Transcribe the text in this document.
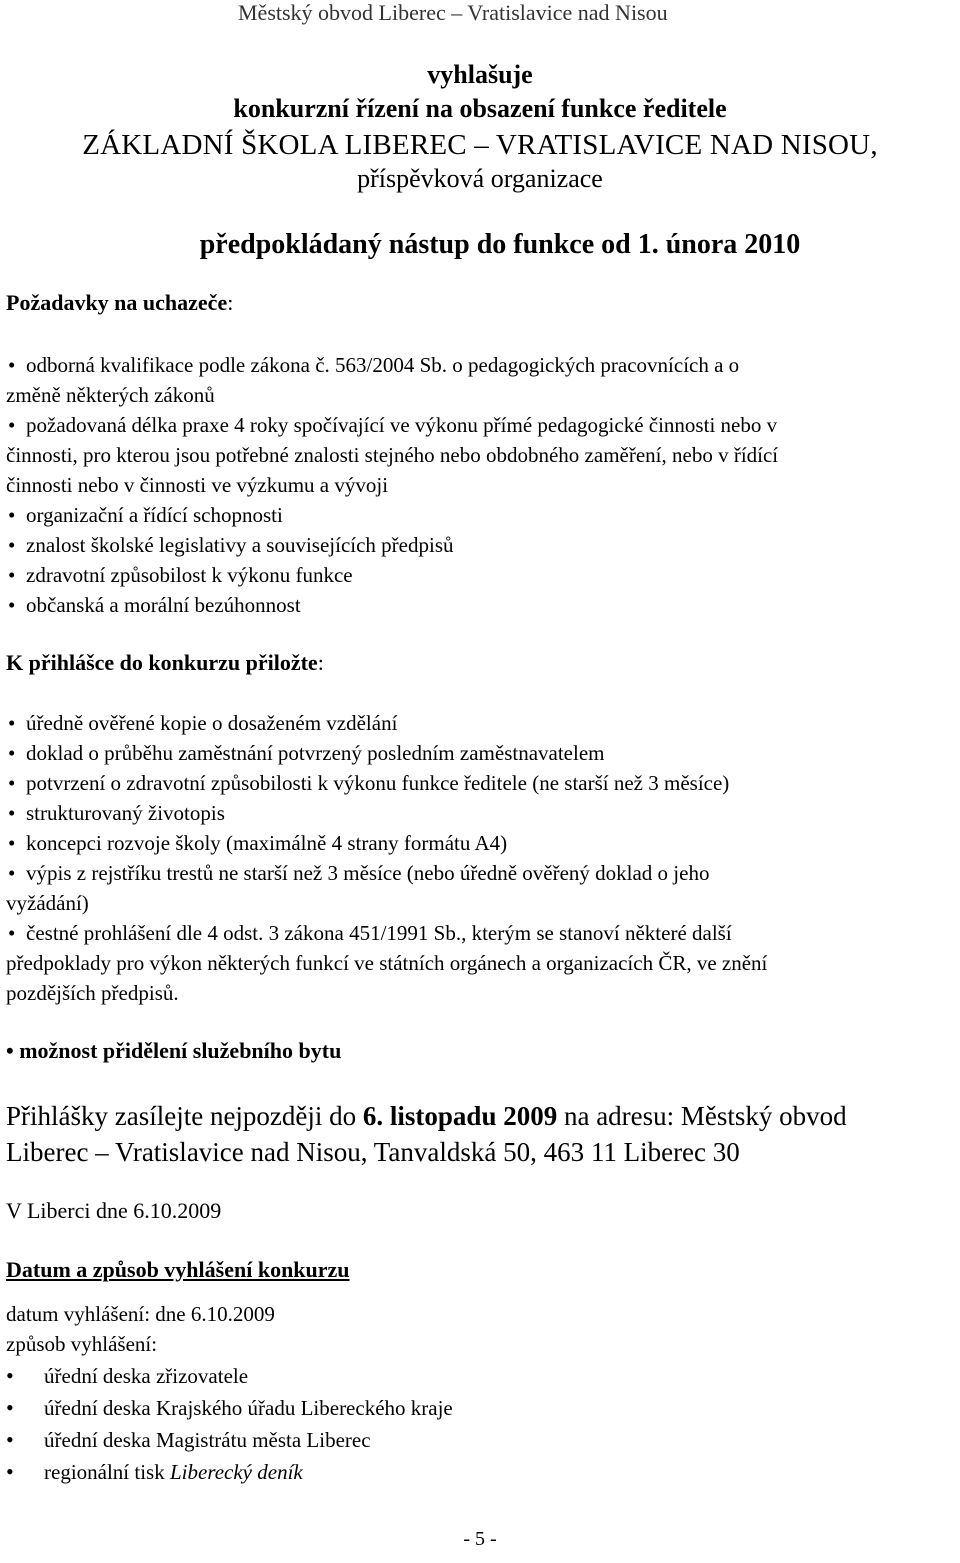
Městský obvod Liberec – Vratislavice nad Nisou
vyhlašuje
konkurzní řízení na obsazení funkce ředitele
ZÁKLADNÍ ŠKOLA LIBEREC – VRATISLAVICE NAD NISOU,
příspěvková organizace
předpokládaný nástup do funkce od 1. února 2010
Požadavky na uchazeče:
• odborná kvalifikace podle zákona č. 563/2004 Sb. o pedagogických pracovnících a o
změně některých zákonů
• požadovaná délka praxe 4 roky spočívající ve výkonu přímé pedagogické činnosti nebo v
činnosti, pro kterou jsou potřebné znalosti stejného nebo obdobného zaměření, nebo v řídící
činnosti nebo v činnosti ve výzkumu a vývoji
• organizační a řídící schopnosti
• znalost školské legislativy a souvisejících předpisů
• zdravotní způsobilost k výkonu funkce
• občanská a morální bezúhonnost
K přihlášce do konkurzu přiložte:
• úředně ověřené kopie o dosaženém vzdělání
• doklad o průběhu zaměstnání potvrzený posledním zaměstnavatelem
• potvrzení o zdravotní způsobilosti k výkonu funkce ředitele (ne starší než 3 měsíce)
• strukturovaný životopis
• koncepci rozvoje školy (maximálně 4 strany formátu A4)
• výpis z rejstříku trestů ne starší než 3 měsíce (nebo úředně ověřený doklad o jeho
vyžádání)
• čestné prohlášení dle 4 odst. 3 zákona 451/1991 Sb., kterým se stanoví některé další
předpoklady pro výkon některých funkcí ve státních orgánech a organizacích ČR, ve znění
pozdějších předpisů.
• možnost přidělení služebního bytu
Přihlášky zasílejte nejpozději do 6. listopadu 2009 na adresu: Městský obvod
Liberec – Vratislavice nad Nisou, Tanvaldská 50, 463 11 Liberec 30
V Liberci dne 6.10.2009
Datum a způsob vyhlášení konkurzu
datum vyhlášení: dne 6.10.2009
způsob vyhlášení:
• úřední deska zřizovatele
• úřední deska Krajského úřadu Libereckého kraje
• úřední deska Magistrátu města Liberec
• regionální tisk Liberecký deník
- 5 -
